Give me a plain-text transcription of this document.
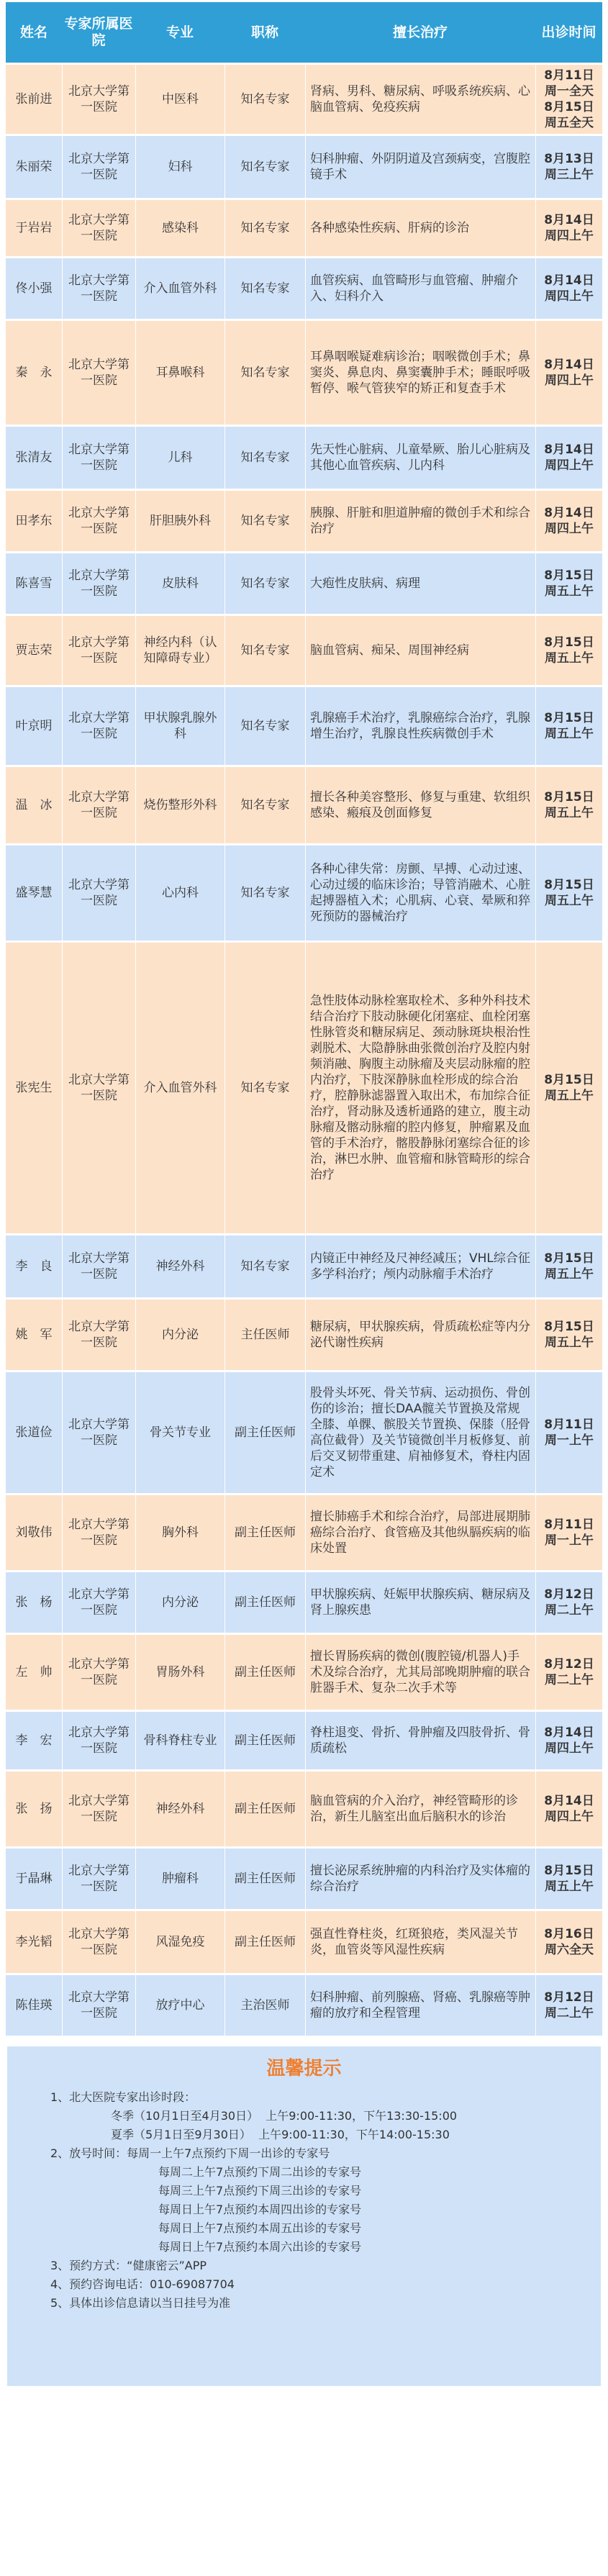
姓名	专家所属医院	专业	职称	擅长治疗	出诊时间
张前进	北京大学第一医院	中医科	知名专家	肾病、男科、糖尿病、呼吸系统疾病、心脑血管病、免疫疾病	8月11日 周一全天 8月15日 周五全天
朱丽荣	北京大学第一医院	妇科	知名专家	妇科肿瘤、外阴阴道及宫颈病变，宫腹腔镜手术	8月13日 周三上午
于岩岩	北京大学第一医院	感染科	知名专家	各种感染性疾病、肝病的诊治	8月14日 周四上午
佟小强	北京大学第一医院	介入血管外科	知名专家	血管疾病、血管畸形与血管瘤、肿瘤介入、妇科介入	8月14日 周四上午
秦　永	北京大学第一医院	耳鼻喉科	知名专家	耳鼻咽喉疑难病诊治；咽喉微创手术；鼻窦炎、鼻息肉、鼻窦囊肿手术；睡眠呼吸暂停、喉气管狭窄的矫正和复查手术	8月14日 周四上午
张清友	北京大学第一医院	儿科	知名专家	先天性心脏病、儿童晕厥、胎儿心脏病及其他心血管疾病、儿内科	8月14日 周四上午
田孝东	北京大学第一医院	肝胆胰外科	知名专家	胰腺、肝脏和胆道肿瘤的微创手术和综合治疗	8月14日 周四上午
陈喜雪	北京大学第一医院	皮肤科	知名专家	大疱性皮肤病、病理	8月15日 周五上午
贾志荣	北京大学第一医院	神经内科（认知障碍专业）	知名专家	脑血管病、痴呆、周围神经病	8月15日 周五上午
叶京明	北京大学第一医院	甲状腺乳腺外科	知名专家	乳腺癌手术治疗，乳腺癌综合治疗，乳腺增生治疗，乳腺良性疾病微创手术	8月15日 周五上午
温　冰	北京大学第一医院	烧伤整形外科	知名专家	擅长各种美容整形、修复与重建、软组织感染、瘢痕及创面修复	8月15日 周五上午
盛琴慧	北京大学第一医院	心内科	知名专家	各种心律失常：房颤、早搏、心动过速、心动过缓的临床诊治；导管消融术、心脏起搏器植入术；心肌病、心衰、晕厥和猝死预防的器械治疗	8月15日 周五上午
张宪生	北京大学第一医院	介入血管外科	知名专家	急性肢体动脉栓塞取栓术、多种外科技术结合治疗下肢动脉硬化闭塞症、血栓闭塞性脉管炎和糖尿病足、颈动脉斑块根治性剥脱术、大隐静脉曲张微创治疗及腔内射频消融、胸腹主动脉瘤及夹层动脉瘤的腔内治疗，下肢深静脉血栓形成的综合治疗，腔静脉滤器置入取出术，布加综合征治疗，肾动脉及透析通路的建立，腹主动脉瘤及髂动脉瘤的腔内修复，肿瘤累及血管的手术治疗，髂股静脉闭塞综合征的诊治，淋巴水肿、血管瘤和脉管畸形的综合治疗	8月15日 周五上午
李　良	北京大学第一医院	神经外科	知名专家	内镜正中神经及尺神经减压；VHL综合征多学科治疗；颅内动脉瘤手术治疗	8月15日 周五上午
姚　军	北京大学第一医院	内分泌	主任医师	糖尿病，甲状腺疾病，骨质疏松症等内分泌代谢性疾病	8月15日 周五上午
张道俭	北京大学第一医院	骨关节专业	副主任医师	股骨头坏死、骨关节病、运动损伤、骨创伤的诊治；擅长DAA髋关节置换及常规全膝、单髁、髌股关节置换、保膝（胫骨高位截骨）及关节镜微创半月板修复、前后交叉韧带重建、肩袖修复术，脊柱内固定术	8月11日 周一上午
刘敬伟	北京大学第一医院	胸外科	副主任医师	擅长肺癌手术和综合治疗，局部进展期肺癌综合治疗、食管癌及其他纵膈疾病的临床处置	8月11日 周一上午
张　杨	北京大学第一医院	内分泌	副主任医师	甲状腺疾病、妊娠甲状腺疾病、糖尿病及肾上腺疾患	8月12日 周二上午
左　帅	北京大学第一医院	胃肠外科	副主任医师	擅长胃肠疾病的微创(腹腔镜/机器人)手术及综合治疗，尤其局部晚期肿瘤的联合脏器手术、复杂二次手术等	8月12日 周二上午
李　宏	北京大学第一医院	骨科脊柱专业	副主任医师	脊柱退变、骨折、骨肿瘤及四肢骨折、骨质疏松	8月14日 周四上午
张　扬	北京大学第一医院	神经外科	副主任医师	脑血管病的介入治疗，神经管畸形的诊治，新生儿脑室出血后脑积水的诊治	8月14日 周四上午
于晶琳	北京大学第一医院	肿瘤科	副主任医师	擅长泌尿系统肿瘤的内科治疗及实体瘤的综合治疗	8月15日 周五上午
李光韬	北京大学第一医院	风湿免疫	副主任医师	强直性脊柱炎，红斑狼疮，类风湿关节炎，血管炎等风湿性疾病	8月16日 周六全天
陈佳瑛	北京大学第一医院	放疗中心	主治医师	妇科肿瘤、前列腺癌、肾癌、乳腺癌等肿瘤的放疗和全程管理	8月12日 周二上午
温馨提示
1、北大医院专家出诊时段：
冬季（10月1日至4月30日）  上午9:00-11:30，下午13:30-15:00
夏季（5月1日至9月30日）  上午9:00-11:30，下午14:00-15:30
2、放号时间：每周一上午7点预约下周一出诊的专家号
每周二上午7点预约下周二出诊的专家号
每周三上午7点预约下周三出诊的专家号
每周日上午7点预约本周四出诊的专家号
每周日上午7点预约本周五出诊的专家号
每周日上午7点预约本周六出诊的专家号
3、预约方式：“健康密云”APP
4、预约咨询电话：010-69087704
5、具体出诊信息请以当日挂号为准
